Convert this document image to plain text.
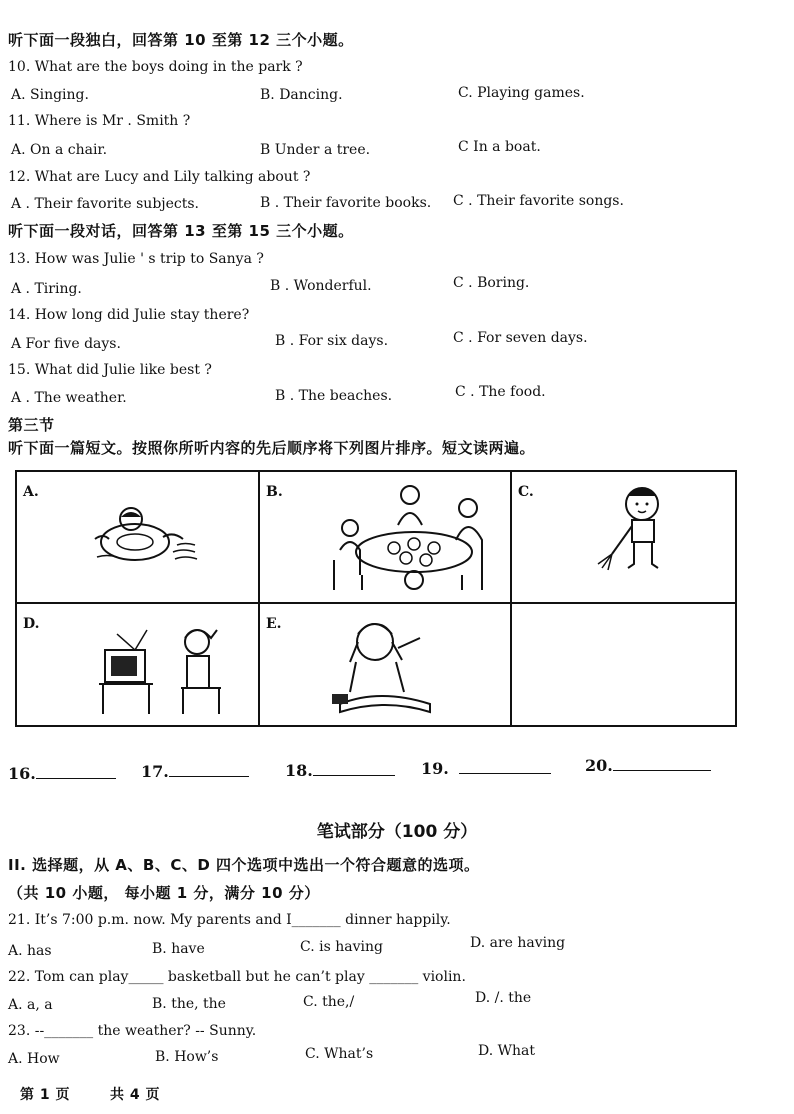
听下面一段独白，回答第 10 至第 12 三个小题。
10. What are the boys doing in the park ?
A. Singing.	B. Dancing.	C. Playing games.
11. Where is Mr . Smith ?
A. On a chair.	B Under a tree.	C In a boat.
12. What are Lucy and Lily talking about ?
A . Their favorite subjects.	B . Their favorite books. C . Their favorite songs.
听下面一段对话，回答第 13 至第 15 三个小题。
13. How was Julie ' s trip to Sanya ?
A . Tiring.	B . Wonderful.	C . Boring.
14. How long did Julie stay there?
A For five days.	B . For six days.	C . For seven days.
15. What did Julie like best ?
A . The weather.	B . The beaches.	C . The food.
第三节
听下面一篇短文。按照你所听内容的先后顺序将下列图片排序。短文读两遍。
A.	B.	C.
D.	E.
16.	17.	18.	19.	20.
笔试部分（100 分）
II. 选择题，从 A、B、C、D 四个选项中选出一个符合题意的选项。
（共 10 小题， 每小题 1 分，满分 10 分）
21. It’s 7:00 p.m. now. My parents and I_______ dinner happily.
A. has	B. have	C. is having	D. are having
22. Tom can play_____ basketball but he can’t play _______ violin.
A. a, a	B. the, the	C. the,/	D. /. the
23. --_______ the weather? -- Sunny.
A. How	B. How’s	C. What’s	D. What
第 1 页	共 4 页
